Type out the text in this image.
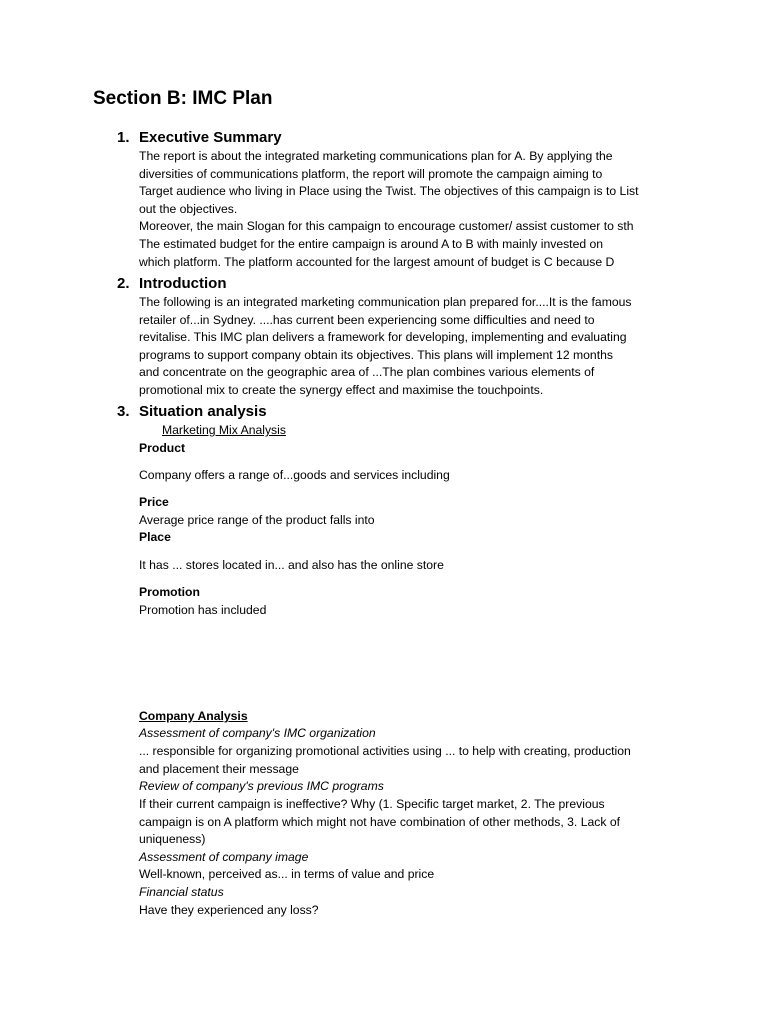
Section B: IMC Plan
1. Executive Summary
The report is about the integrated marketing communications plan for A. By applying the
diversities of communications platform, the report will promote the campaign aiming to
Target audience who living in Place using the Twist. The objectives of this campaign is to List
out the objectives.
Moreover, the main Slogan for this campaign to encourage customer/ assist customer to sth
The estimated budget for the entire campaign is around A to B with mainly invested on
which platform. The platform accounted for the largest amount of budget is C because D
2. Introduction
The following is an integrated marketing communication plan prepared for....It is the famous
retailer of...in Sydney. ....has current been experiencing some difficulties and need to
revitalise. This IMC plan delivers a framework for developing, implementing and evaluating
programs to support company obtain its objectives. This plans will implement 12 months
and concentrate on the geographic area of ...The plan combines various elements of
promotional mix to create the synergy effect and maximise the touchpoints.
3. Situation analysis
Marketing Mix Analysis
Product
Company offers a range of...goods and services including
Price
Average price range of the product falls into
Place
It has ... stores located in... and also has the online store
Promotion
Promotion has included
Company Analysis
Assessment of company's IMC organization
... responsible for organizing promotional activities using ... to help with creating, production
and placement their message
Review of company's previous IMC programs
If their current campaign is ineffective? Why (1. Specific target market, 2. The previous
campaign is on A platform which might not have combination of other methods, 3. Lack of
uniqueness)
Assessment of company image
Well-known, perceived as... in terms of value and price
Financial status
Have they experienced any loss?
